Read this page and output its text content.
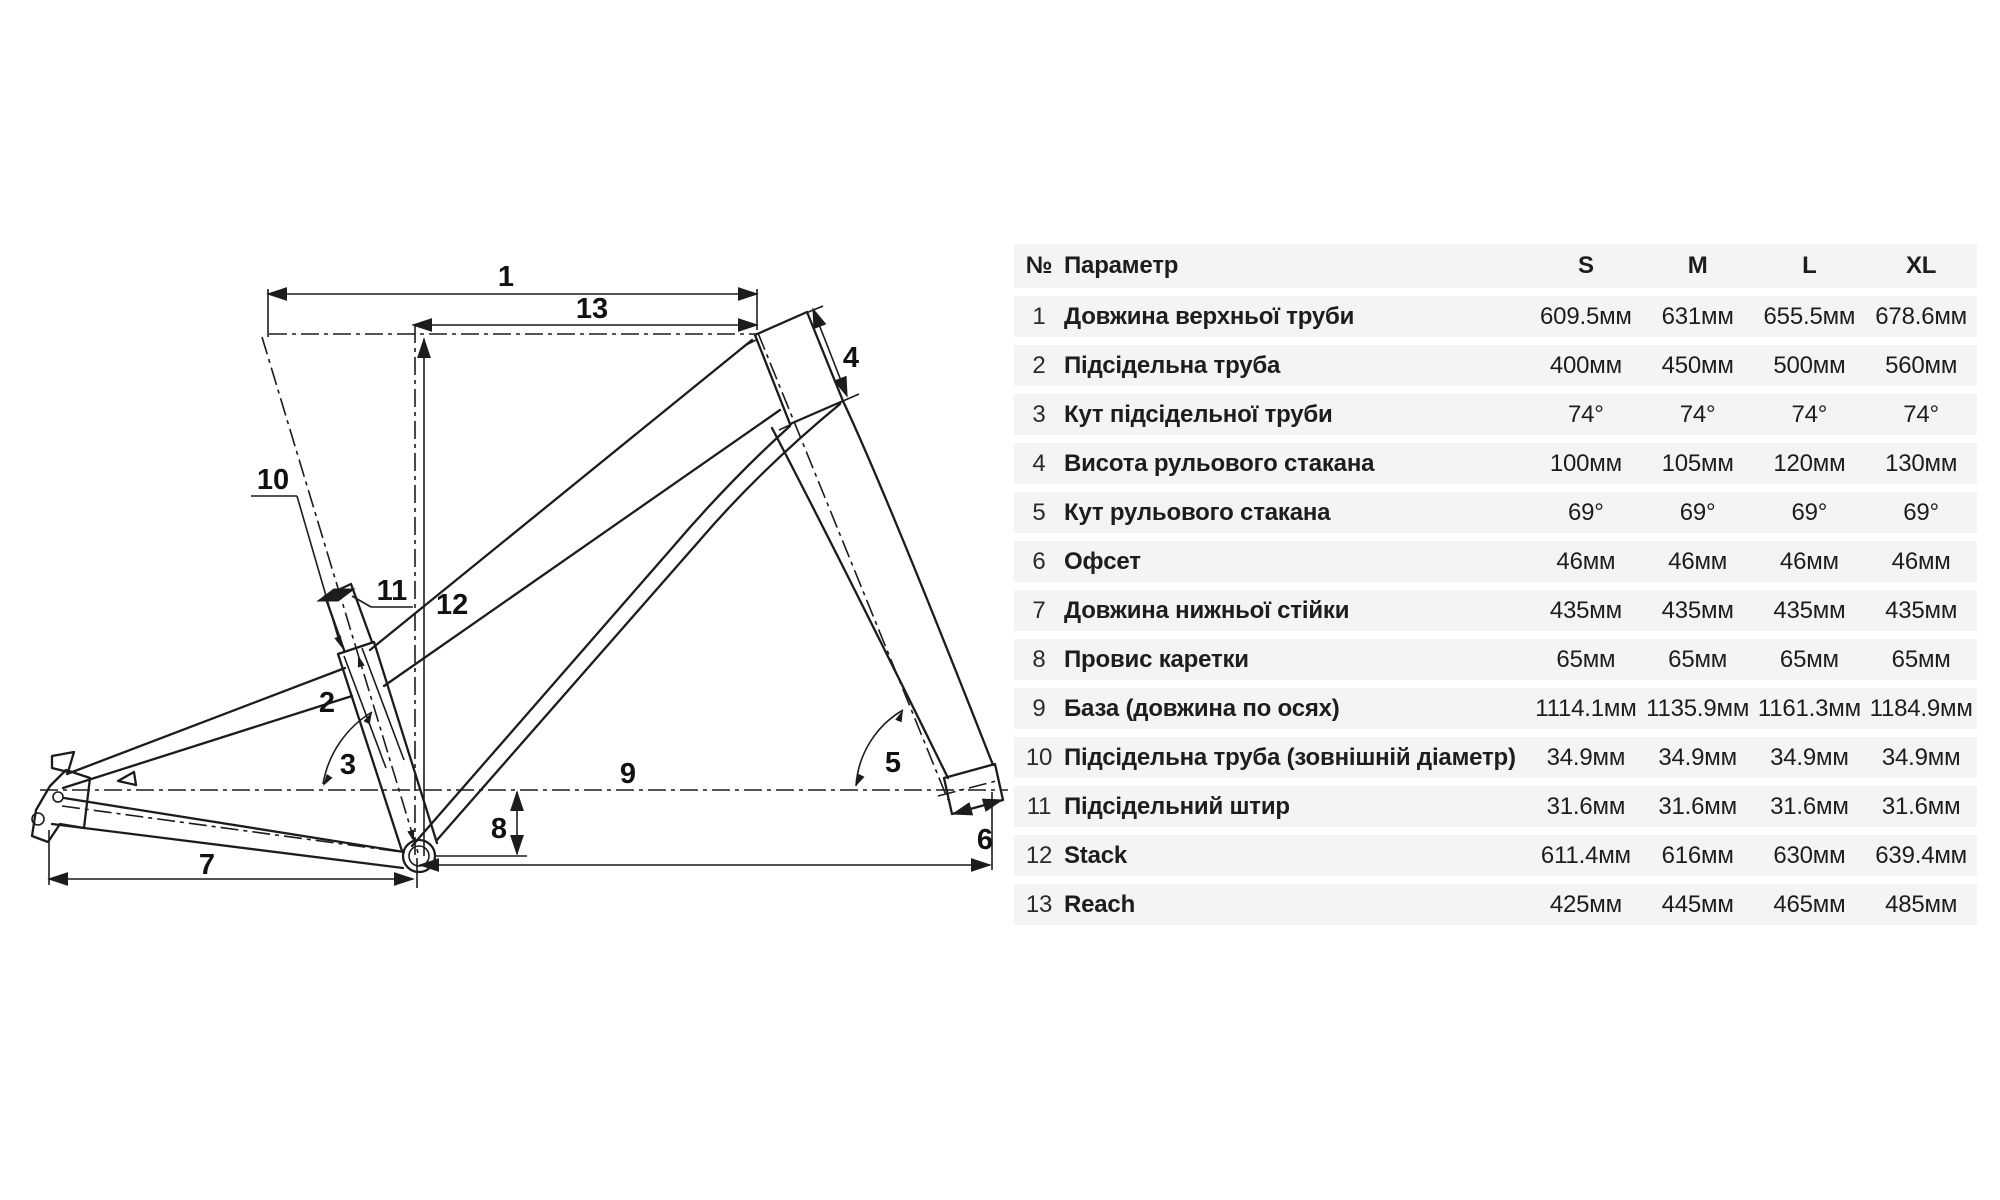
1
13
4
10
11 12
2
3	9	5
8
7
6
№	Параметр	S	M	L	XL
1	Довжина верхньої труби	609.5мм	631мм	655.5мм	678.6мм
2	Підсідельна труба	400мм	450мм	500мм	560мм
3	Кут підсідельної труби	74°	74°	74°	74°
4	Висота рульового стакана	100мм	105мм	120мм	130мм
5	Кут рульового стакана	69°	69°	69°	69°
6	Офсет	46мм	46мм	46мм	46мм
7	Довжина нижньої стійки	435мм	435мм	435мм	435мм
8	Провис каретки	65мм	65мм	65мм	65мм
9	База (довжина по осях)	1114.1мм	1135.9мм	1161.3мм	1184.9мм
10	Підсідельна труба (зовнішній діаметр)	34.9мм	34.9мм	34.9мм	34.9мм
11	Підсідельний штир	31.6мм	31.6мм	31.6мм	31.6мм
12	Stack	611.4мм	616мм	630мм	639.4мм
13	Reach	425мм	445мм	465мм	485мм
